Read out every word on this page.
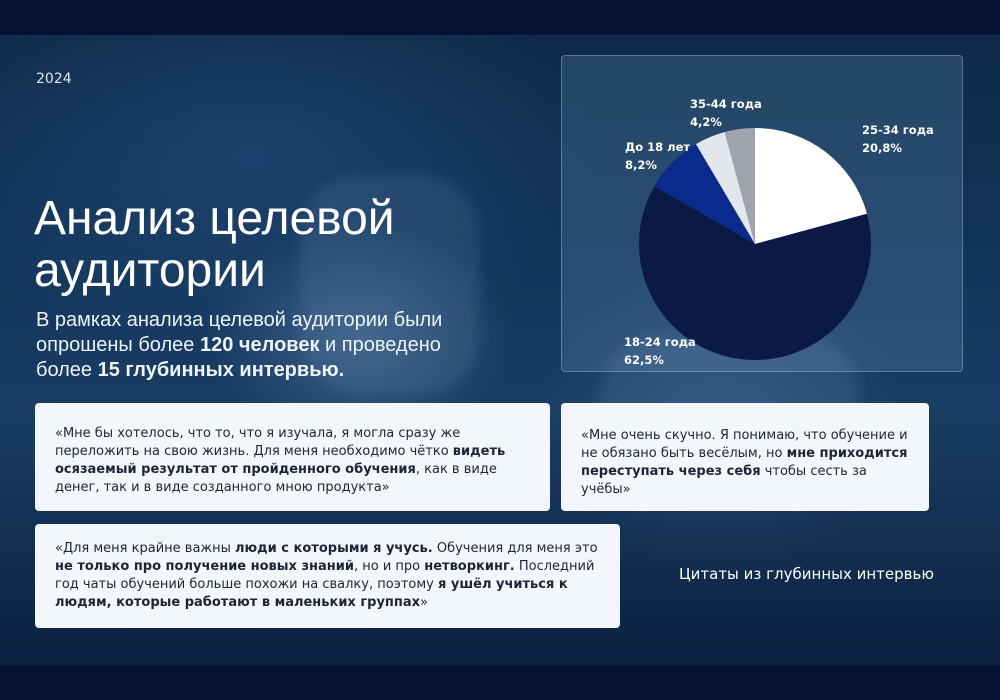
2024
Анализ целевой
аудитории
В рамках анализа целевой аудитории были опрошены более 120 человек и проведено более 15 глубинных интервью.
25-34 года
20,8%
18-24 года
62,5%
До 18 лет
8,2%
35-44 года
4,2%
«Мне бы хотелось, что то, что я изучала, я могла сразу же переложить на свою жизнь. Для меня необходимо чётко видеть осязаемый результат от пройденного обучения, как в виде денег, так и в виде созданного мною продукта»
«Мне очень скучно. Я понимаю, что обучение и не обязано быть весёлым, но мне приходится переступать через себя чтобы сесть за учёбы»
«Для меня крайне важны люди с которыми я учусь. Обучения для меня это не только про получение новых знаний, но и про нетворкинг. Последний год чаты обучений больше похожи на свалку, поэтому я ушёл учиться к людям, которые работают в маленьких группах»
Цитаты из глубинных интервью
